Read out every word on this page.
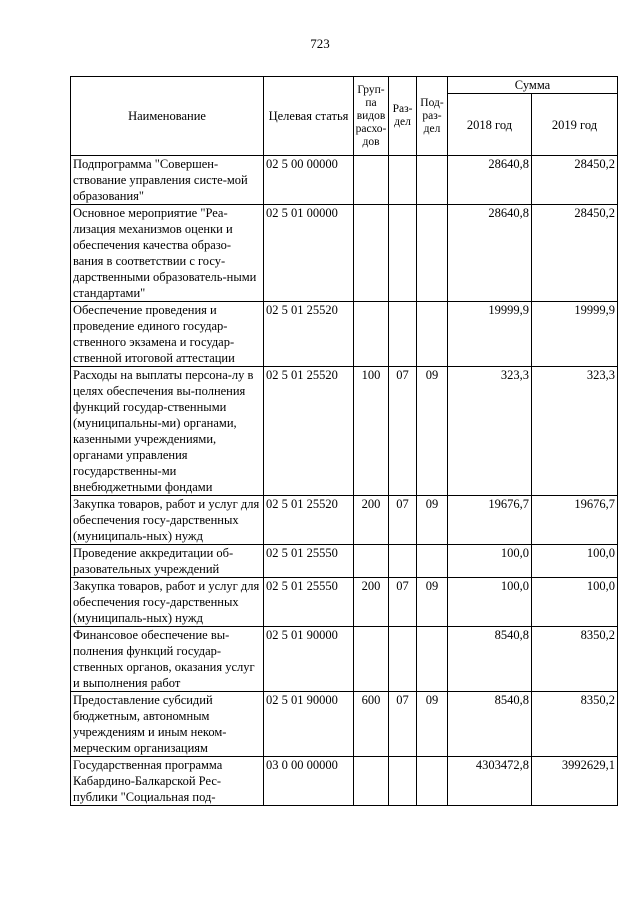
723
Наименование	Целевая статья	Груп-па видов расхо-дов	Раз-дел	Под-раз-дел	Сумма	
					2018 год	2019 год
Подпрограмма "Совершен-ствование управления систе-мой образования"	02 5 00 00000				28640,8	28450,2
Основное мероприятие "Реа-лизация механизмов оценки и обеспечения качества образо-вания в соответствии с госу-дарственными образователь-ными стандартами"	02 5 01 00000				28640,8	28450,2
Обеспечение проведения и проведение единого государ-ственного экзамена и государ-ственной итоговой аттестации	02 5 01 25520				19999,9	19999,9
Расходы на выплаты персона-лу в целях обеспечения вы-полнения функций государ-ственными (муниципальны-ми) органами, казенными учреждениями, органами управления государственны-ми внебюджетными фондами	02 5 01 25520	100	07	09	323,3	323,3
Закупка товаров, работ и услуг для обеспечения госу-дарственных (муниципаль-ных) нужд	02 5 01 25520	200	07	09	19676,7	19676,7
Проведение аккредитации об-разовательных учреждений	02 5 01 25550				100,0	100,0
Закупка товаров, работ и услуг для обеспечения госу-дарственных (муниципаль-ных) нужд	02 5 01 25550	200	07	09	100,0	100,0
Финансовое обеспечение вы-полнения функций государ-ственных органов, оказания услуг и выполнения работ	02 5 01 90000				8540,8	8350,2
Предоставление субсидий бюджетным, автономным учреждениям и иным неком-мерческим организациям	02 5 01 90000	600	07	09	8540,8	8350,2
Государственная программа Кабардино-Балкарской Рес-публики "Социальная под-	03 0 00 00000				4303472,8	3992629,1
